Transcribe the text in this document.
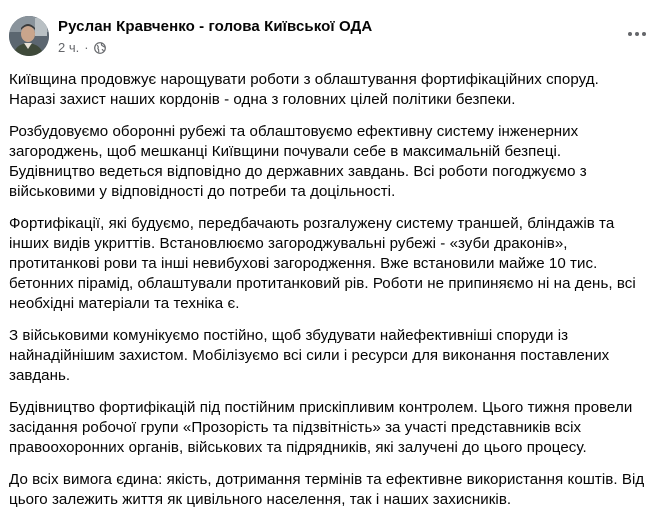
Руслан Кравченко - голова Київської ОДА
2 ч. ·

Київщина продовжує нарощувати роботи з облаштування фортифікаційних споруд. Наразі захист наших кордонів - одна з головних цілей політики безпеки.

Розбудовуємо оборонні рубежі та облаштовуємо ефективну систему інженерних загороджень, щоб мешканці Київщини почували себе в максимальній безпеці. Будівництво ведеться відповідно до державних завдань. Всі роботи погоджуємо з військовими у відповідності до потреби та доцільності.

Фортифікації, які будуємо, передбачають розгалужену систему траншей, бліндажів та інших видів укриттів. Встановлюємо загороджувальні рубежі - «зуби драконів», протитанкові рови та інші невибухові загородження. Вже встановили майже 10 тис. бетонних пірамід, облаштували протитанковий рів. Роботи не припиняємо ні на день, всі необхідні матеріали та техніка є.

З військовими комунікуємо постійно, щоб збудувати найефективніші споруди із найнадійнішим захистом. Мобілізуємо всі сили і ресурси для виконання поставлених завдань.

Будівництво фортифікацій під постійним прискіпливим контролем. Цього тижня провели засідання робочої групи «Прозорість та підзвітність» за участі представників всіх правоохоронних органів, військових та підрядників, які залучені до цього процесу.

До всіх вимога єдина: якість, дотримання термінів та ефективне використання коштів. Від цього залежить життя як цивільного населення, так і наших захисників.
